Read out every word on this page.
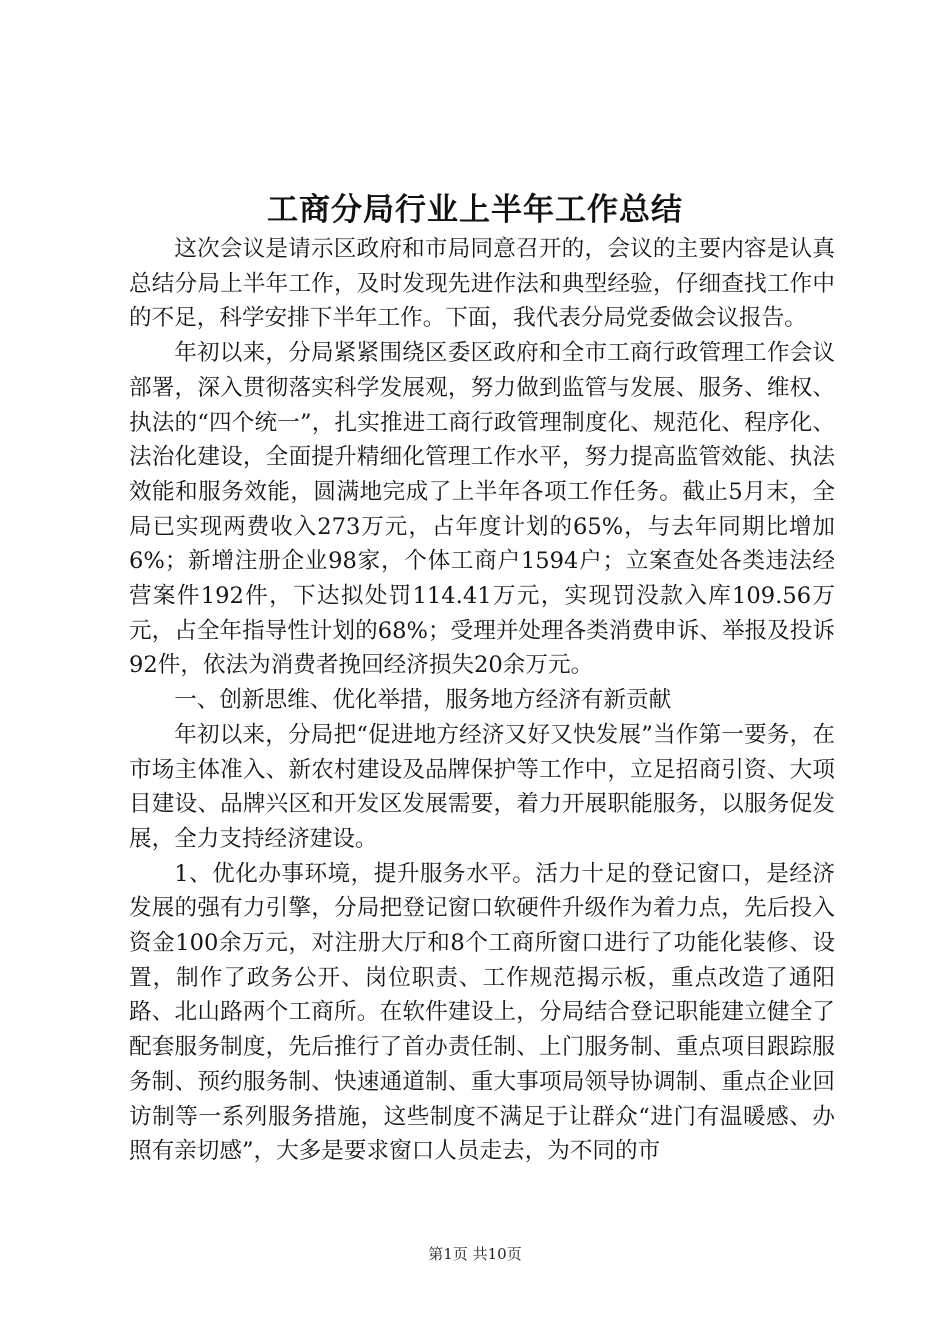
工商分局行业上半年工作总结

这次会议是请示区政府和市局同意召开的，会议的主要内容是认真总结分局上半年工作，及时发现先进作法和典型经验，仔细查找工作中的不足，科学安排下半年工作。下面，我代表分局党委做会议报告。

年初以来，分局紧紧围绕区委区政府和全市工商行政管理工作会议部署，深入贯彻落实科学发展观，努力做到监管与发展、服务、维权、执法的“四个统一”，扎实推进工商行政管理制度化、规范化、程序化、法治化建设，全面提升精细化管理工作水平，努力提高监管效能、执法效能和服务效能，圆满地完成了上半年各项工作任务。截止5月末，全局已实现两费收入273万元，占年度计划的65%，与去年同期比增加6%；新增注册企业98家，个体工商户1594户；立案查处各类违法经营案件192件，下达拟处罚114.41万元，实现罚没款入库109.56万元，占全年指导性计划的68%；受理并处理各类消费申诉、举报及投诉92件，依法为消费者挽回经济损失20余万元。

一、创新思维、优化举措，服务地方经济有新贡献

年初以来，分局把“促进地方经济又好又快发展”当作第一要务，在市场主体准入、新农村建设及品牌保护等工作中，立足招商引资、大项目建设、品牌兴区和开发区发展需要，着力开展职能服务，以服务促发展，全力支持经济建设。

1、优化办事环境，提升服务水平。活力十足的登记窗口，是经济发展的强有力引擎，分局把登记窗口软硬件升级作为着力点，先后投入资金100余万元，对注册大厅和8个工商所窗口进行了功能化装修、设置，制作了政务公开、岗位职责、工作规范揭示板，重点改造了通阳路、北山路两个工商所。在软件建设上，分局结合登记职能建立健全了配套服务制度，先后推行了首办责任制、上门服务制、重点项目跟踪服务制、预约服务制、快速通道制、重大事项局领导协调制、重点企业回访制等一系列服务措施，这些制度不满足于让群众“进门有温暖感、办照有亲切感”，大多是要求窗口人员走去，为不同的市

第1页 共10页
